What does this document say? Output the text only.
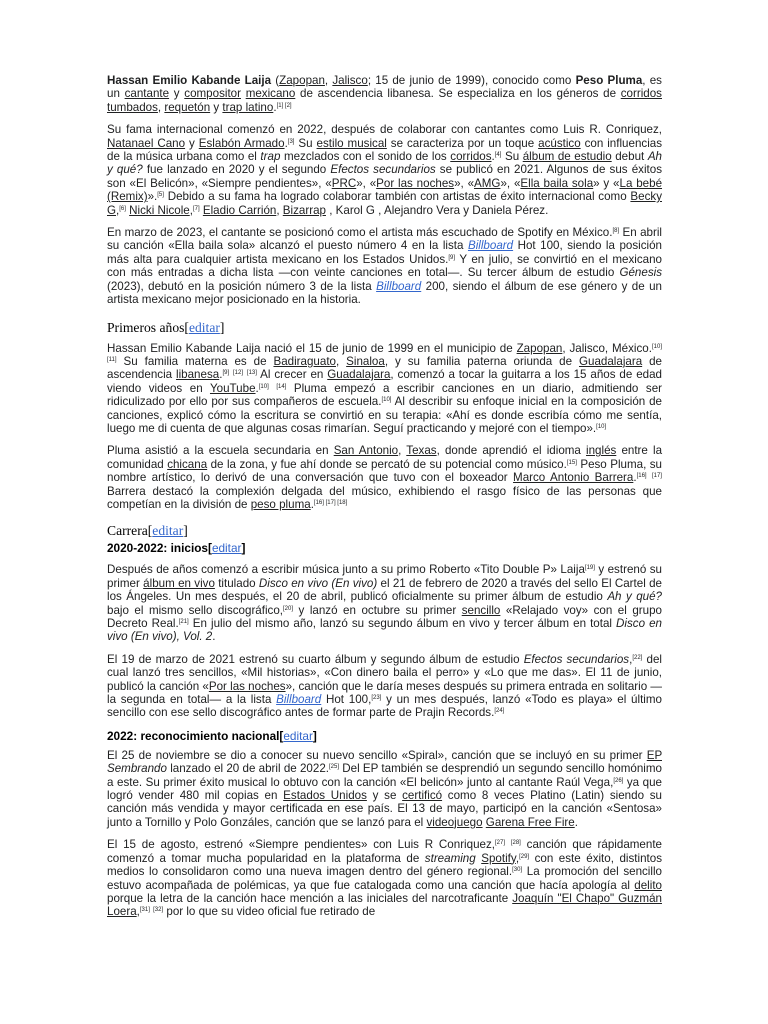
Hassan Emilio Kabande Laija (Zapopan, Jalisco; 15 de junio de 1999), conocido como Peso Pluma, es un cantante y compositor mexicano de ascendencia libanesa. Se especializa en los géneros de corridos tumbados, requetón y trap latino.[1] [2]

Su fama internacional comenzó en 2022, después de colaborar con cantantes como Luis R. Conriquez, Natanael Cano y Eslabón Armado.[3] Su estilo musical se caracteriza por un toque acústico con influencias de la música urbana como el trap mezclados con el sonido de los corridos.[4] Su álbum de estudio debut Ah y qué? fue lanzado en 2020 y el segundo Efectos secundarios se publicó en 2021. Algunos de sus éxitos son «El Belicón», «Siempre pendientes», «PRC», «Por las noches», «AMG», «Ella baila sola» y «La bebé (Remix)».[5] Debido a su fama ha logrado colaborar también con artistas de éxito internacional como Becky G,[6] Nicki Nicole,[7] Eladio Carrión, Bizarrap , Karol G , Alejandro Vera y Daniela Pérez.

En marzo de 2023, el cantante se posicionó como el artista más escuchado de Spotify en México.[8] En abril su canción «Ella baila sola» alcanzó el puesto número 4 en la lista Billboard Hot 100, siendo la posición más alta para cualquier artista mexicano en los Estados Unidos.[9] Y en julio, se convirtió en el mexicano con más entradas a dicha lista —con veinte canciones en total—. Su tercer álbum de estudio Génesis (2023), debutó en la posición número 3 de la lista Billboard 200, siendo el álbum de ese género y de un artista mexicano mejor posicionado en la historia.

Primeros años[editar]

Hassan Emilio Kabande Laija nació el 15 de junio de 1999 en el municipio de Zapopan, Jalisco, México.[10] [11] Su familia materna es de Badiraguato, Sinaloa, y su familia paterna oriunda de Guadalajara de ascendencia libanesa.[9] [12] [13] Al crecer en Guadalajara, comenzó a tocar la guitarra a los 15 años de edad viendo videos en YouTube.[10] [14] Pluma empezó a escribir canciones en un diario, admitiendo ser ridiculizado por ello por sus compañeros de escuela.[10] Al describir su enfoque inicial en la composición de canciones, explicó cómo la escritura se convirtió en su terapia: «Ahí es donde escribía cómo me sentía, luego me di cuenta de que algunas cosas rimarían. Seguí practicando y mejoré con el tiempo».[10]

Pluma asistió a la escuela secundaria en San Antonio, Texas, donde aprendió el idioma inglés entre la comunidad chicana de la zona, y fue ahí donde se percató de su potencial como músico.[15] Peso Pluma, su nombre artístico, lo derivó de una conversación que tuvo con el boxeador Marco Antonio Barrera.[16] [17] Barrera destacó la complexión delgada del músico, exhibiendo el rasgo físico de las personas que competían en la división de peso pluma.[16] [17] [18]

Carrera[editar]
2020-2022: inicios[editar]

Después de años comenzó a escribir música junto a su primo Roberto «Tito Double P» Laija[19] y estrenó su primer álbum en vivo titulado Disco en vivo (En vivo) el 21 de febrero de 2020 a través del sello El Cartel de los Ángeles. Un mes después, el 20 de abril, publicó oficialmente su primer álbum de estudio Ah y qué? bajo el mismo sello discográfico,[20] y lanzó en octubre su primer sencillo «Relajado voy» con el grupo Decreto Real.[21] En julio del mismo año, lanzó su segundo álbum en vivo y tercer álbum en total Disco en vivo (En vivo), Vol. 2.

El 19 de marzo de 2021 estrenó su cuarto álbum y segundo álbum de estudio Efectos secundarios,[22] del cual lanzó tres sencillos, «Mil historias», «Con dinero baila el perro» y «Lo que me das». El 11 de junio, publicó la canción «Por las noches», canción que le daría meses después su primera entrada en solitario —la segunda en total— a la lista Billboard Hot 100,[23] y un mes después, lanzó «Todo es playa» el último sencillo con ese sello discográfico antes de formar parte de Prajin Records.[24]

2022: reconocimiento nacional[editar]

El 25 de noviembre se dio a conocer su nuevo sencillo «Spiral», canción que se incluyó en su primer EP Sembrando lanzado el 20 de abril de 2022.[25] Del EP también se desprendió un segundo sencillo homónimo a este. Su primer éxito musical lo obtuvo con la canción «El belicón» junto al cantante Raúl Vega,[26] ya que logró vender 480 mil copias en Estados Unidos y se certificó como 8 veces Platino (Latin) siendo su canción más vendida y mayor certificada en ese país. El 13 de mayo, participó en la canción «Sentosa» junto a Tornillo y Polo Gonzáles, canción que se lanzó para el videojuego Garena Free Fire.

El 15 de agosto, estrenó «Siempre pendientes» con Luis R Conriquez,[27] [28] canción que rápidamente comenzó a tomar mucha popularidad en la plataforma de streaming Spotify,[29] con este éxito, distintos medios lo consolidaron como una nueva imagen dentro del género regional.[30] La promoción del sencillo estuvo acompañada de polémicas, ya que fue catalogada como una canción que hacía apología al delito porque la letra de la canción hace mención a las iniciales del narcotraficante Joaquín "El Chapo" Guzmán Loera,[31] [32] por lo que su video oficial fue retirado de
